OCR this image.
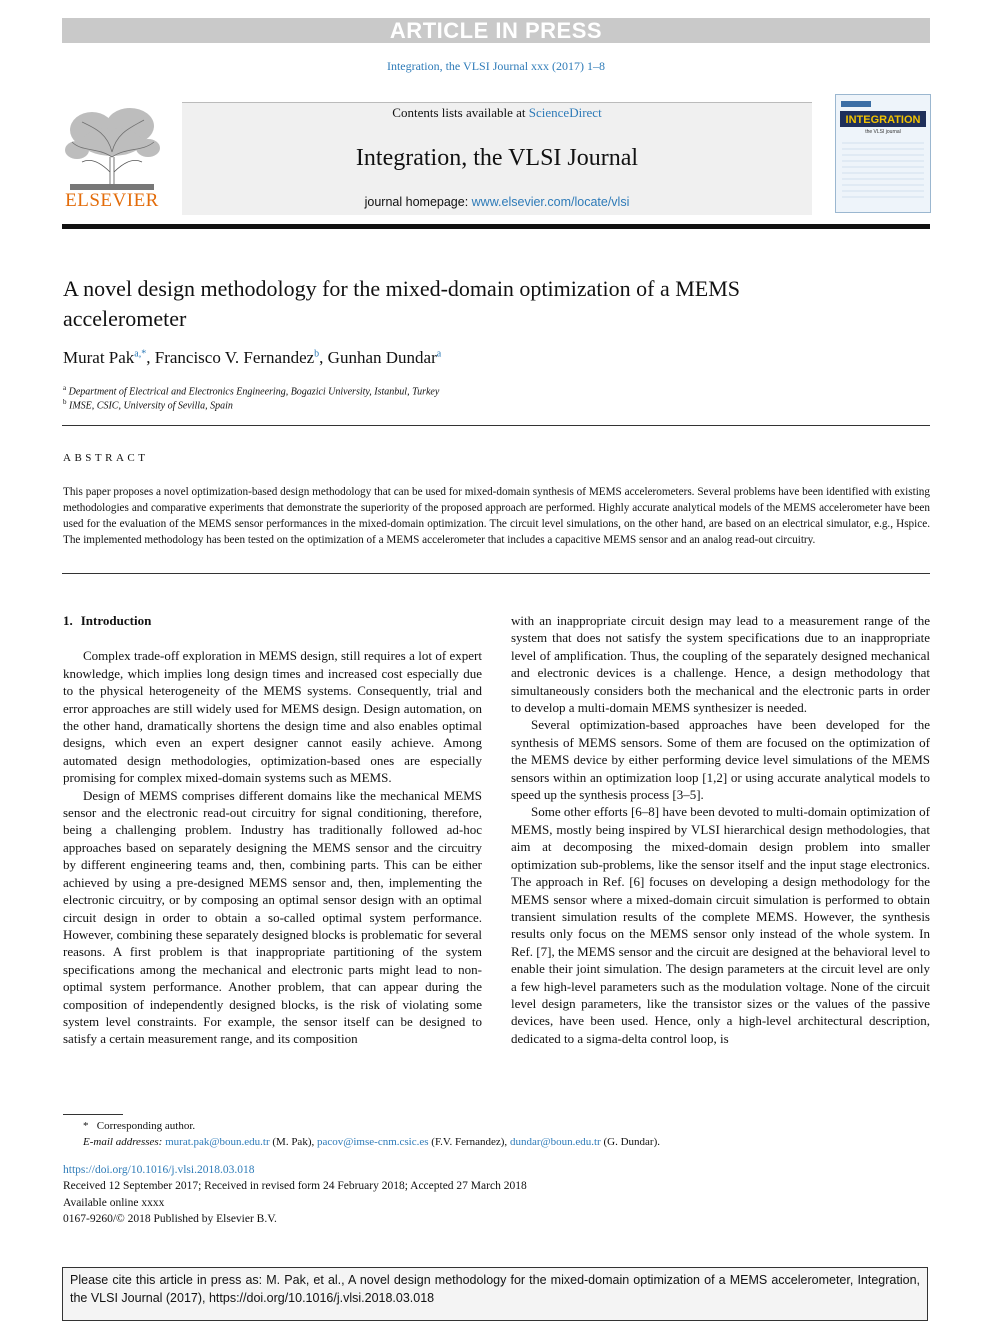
ARTICLE IN PRESS
Integration, the VLSI Journal xxx (2017) 1–8
ELSEVIER
Contents lists available at ScienceDirect
Integration, the VLSI Journal
journal homepage: www.elsevier.com/locate/vlsi
INTEGRATION
the VLSI journal
A novel design methodology for the mixed-domain optimization of a MEMS accelerometer
Murat Pak$^{a,*}$, Francisco V. Fernandez$^b$, Gunhan Dundar$^a$
$^a$ Department of Electrical and Electronics Engineering, Bogazici University, Istanbul, Turkey
$^b$ IMSE, CSIC, University of Sevilla, Spain
ABSTRACT
This paper proposes a novel optimization-based design methodology that can be used for mixed-domain synthesis of MEMS accelerometers. Several problems have been identified with existing methodologies and comparative experiments that demonstrate the superiority of the proposed approach are performed. Highly accurate analytical models of the MEMS accelerometer have been used for the evaluation of the MEMS sensor performances in the mixed-domain optimization. The circuit level simulations, on the other hand, are based on an electrical simulator, e.g., Hspice. The implemented methodology has been tested on the optimization of a MEMS accelerometer that includes a capacitive MEMS sensor and an analog read-out circuitry.
1. Introduction

Complex trade-off exploration in MEMS design, still requires a lot of expert knowledge, which implies long design times and increased cost especially due to the physical heterogeneity of the MEMS systems. Consequently, trial and error approaches are still widely used for MEMS design. Design automation, on the other hand, dramatically shortens the design time and also enables optimal designs, which even an expert designer cannot easily achieve. Among automated design methodologies, optimization-based ones are especially promising for complex mixed-domain systems such as MEMS.

Design of MEMS comprises different domains like the mechanical MEMS sensor and the electronic read-out circuitry for signal conditioning, therefore, being a challenging problem. Industry has traditionally followed ad-hoc approaches based on separately designing the MEMS sensor and the circuitry by different engineering teams and, then, combining parts. This can be either achieved by using a pre-designed MEMS sensor and, then, implementing the electronic circuitry, or by composing an optimal sensor design with an optimal circuit design in order to obtain a so-called optimal system performance. However, combining these separately designed blocks is problematic for several reasons. A first problem is that inappropriate partitioning of the system specifications among the mechanical and electronic parts might lead to non-optimal system performance. Another problem, that can appear during the composition of independently designed blocks, is the risk of violating some system level constraints. For example, the sensor itself can be designed to satisfy a certain measurement range, and its composition

with an inappropriate circuit design may lead to a measurement range of the system that does not satisfy the system specifications due to an inappropriate level of amplification. Thus, the coupling of the separately designed mechanical and electronic devices is a challenge. Hence, a design methodology that simultaneously considers both the mechanical and the electronic parts in order to develop a multi-domain MEMS synthesizer is needed.

Several optimization-based approaches have been developed for the synthesis of MEMS sensors. Some of them are focused on the optimization of the MEMS device by either performing device level simulations of the MEMS sensors within an optimization loop [1,2] or using accurate analytical models to speed up the synthesis process [3–5].

Some other efforts [6–8] have been devoted to multi-domain optimization of MEMS, mostly being inspired by VLSI hierarchical design methodologies, that aim at decomposing the mixed-domain design problem into smaller optimization sub-problems, like the sensor itself and the input stage electronics. The approach in Ref. [6] focuses on developing a design methodology for the MEMS sensor where a mixed-domain circuit simulation is performed to obtain transient simulation results of the complete MEMS. However, the synthesis results only focus on the MEMS sensor only instead of the whole system. In Ref. [7], the MEMS sensor and the circuit are designed at the behavioral level to enable their joint simulation. The design parameters at the circuit level are only a few high-level parameters such as the modulation voltage. None of the circuit level design parameters, like the transistor sizes or the values of the passive devices, have been used. Hence, only a high-level architectural description, dedicated to a sigma-delta control loop, is

* Corresponding author.
E-mail addresses: murat.pak@boun.edu.tr (M. Pak), pacov@imse-cnm.csic.es (F.V. Fernandez), dundar@boun.edu.tr (G. Dundar).
https://doi.org/10.1016/j.vlsi.2018.03.018
Received 12 September 2017; Received in revised form 24 February 2018; Accepted 27 March 2018
Available online xxxx
0167-9260/© 2018 Published by Elsevier B.V.
Please cite this article in press as: M. Pak, et al., A novel design methodology for the mixed-domain optimization of a MEMS accelerometer, Integration, the VLSI Journal (2017), https://doi.org/10.1016/j.vlsi.2018.03.018
